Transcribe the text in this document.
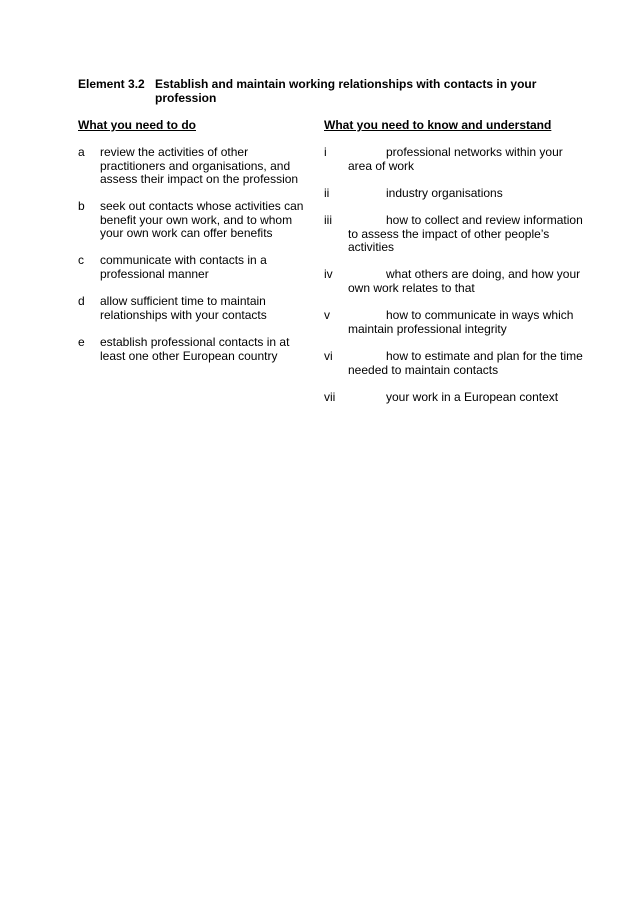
Element 3.2 Establish and maintain working relationships with contacts in your profession
What you need to do	What you need to know and understand
a review the activities of other
practitioners and organisations, and
assess their impact on the profession
b seek out contacts whose activities can
benefit your own work, and to whom
your own work can offer benefits
c communicate with contacts in a
professional manner
d allow sufficient time to maintain
relationships with your contacts
e establish professional contacts in at
least one other European country
i	professional networks within your area of work
ii	industry organisations
iii	how to collect and review information to assess the impact of other people’s activities
iv	what others are doing, and how your own work relates to that
v	how to communicate in ways which maintain professional integrity
vi	how to estimate and plan for the time needed to maintain contacts
vii	your work in a European context
